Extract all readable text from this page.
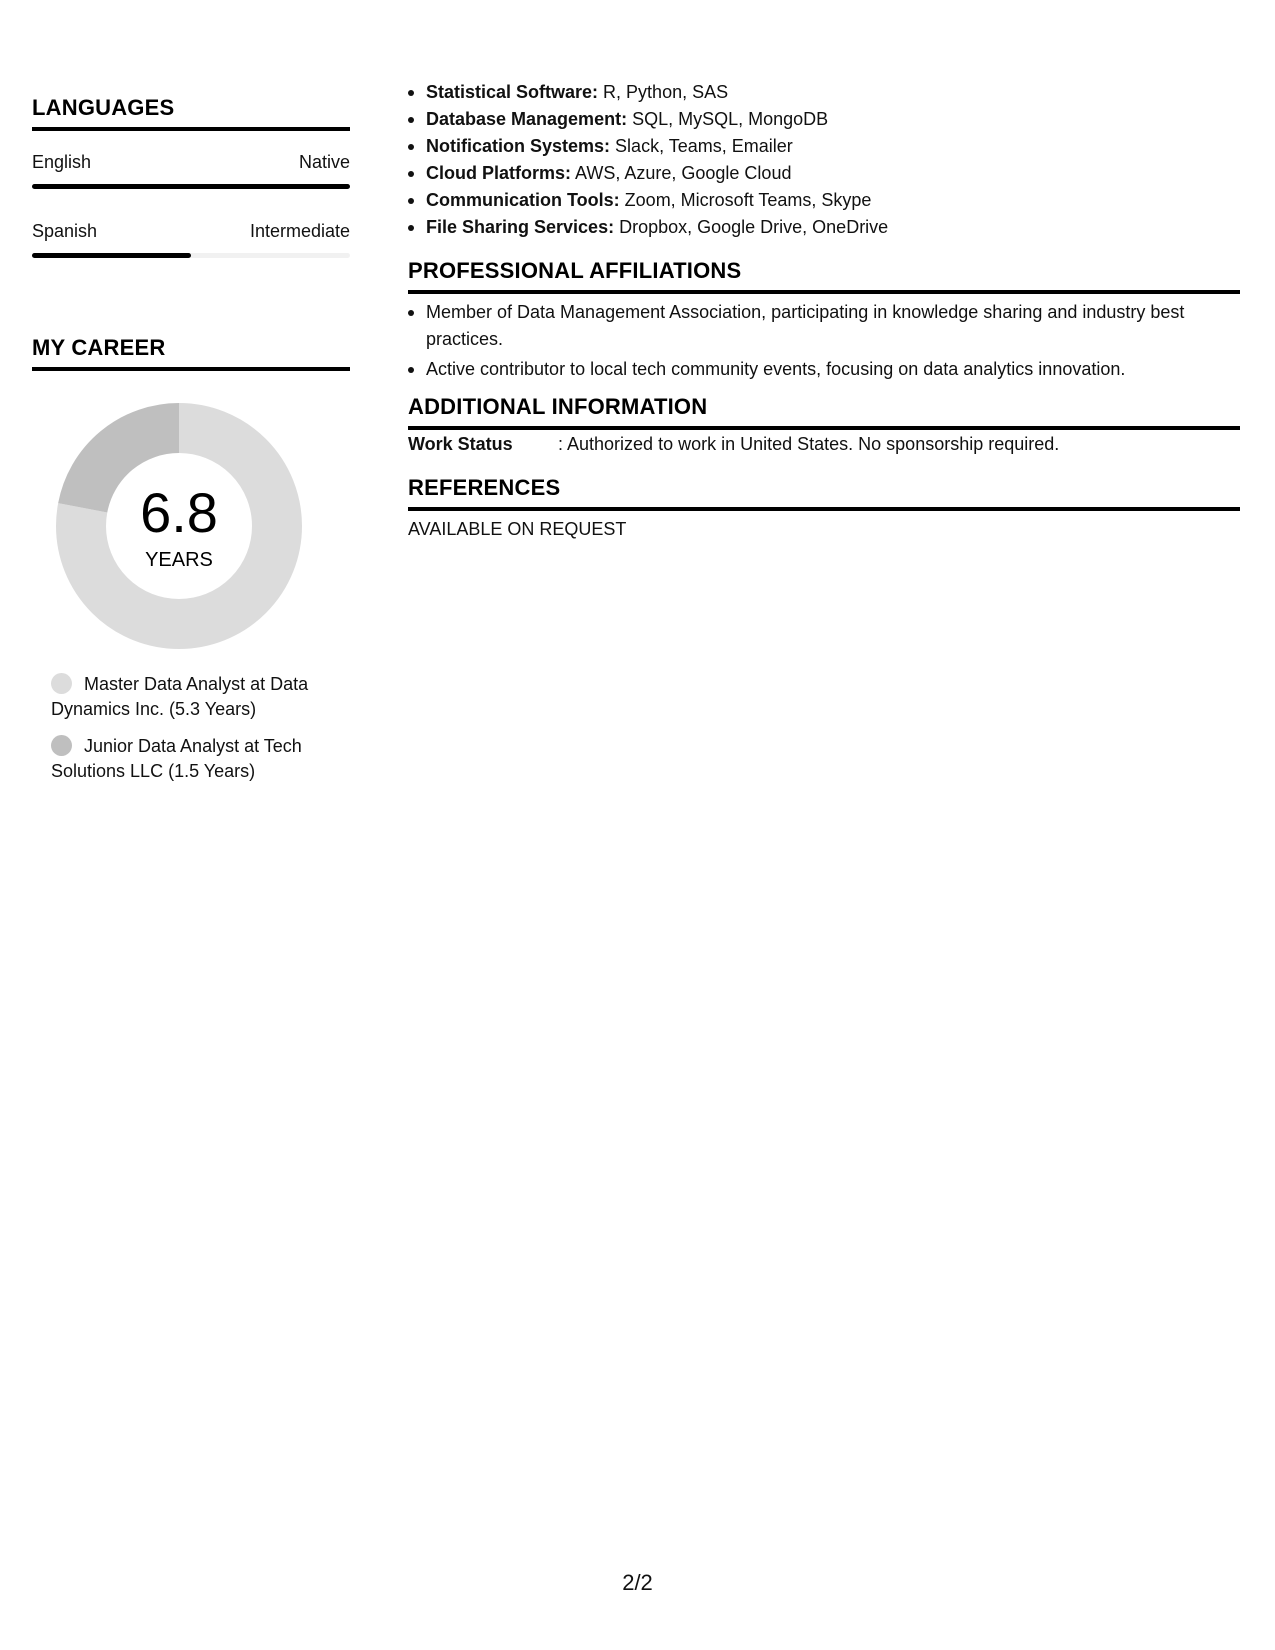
LANGUAGES
English	Native
Spanish	Intermediate
MY CAREER
6.8
YEARS
Master Data Analyst at Data Dynamics Inc. (5.3 Years)
Junior Data Analyst at Tech Solutions LLC (1.5 Years)
Statistical Software: R, Python, SAS
Database Management: SQL, MySQL, MongoDB
Notification Systems: Slack, Teams, Emailer
Cloud Platforms: AWS, Azure, Google Cloud
Communication Tools: Zoom, Microsoft Teams, Skype
File Sharing Services: Dropbox, Google Drive, OneDrive
PROFESSIONAL AFFILIATIONS
Member of Data Management Association, participating in knowledge sharing and industry best practices.
Active contributor to local tech community events, focusing on data analytics innovation.
ADDITIONAL INFORMATION
Work Status	: Authorized to work in United States. No sponsorship required.
REFERENCES
AVAILABLE ON REQUEST
2/2
